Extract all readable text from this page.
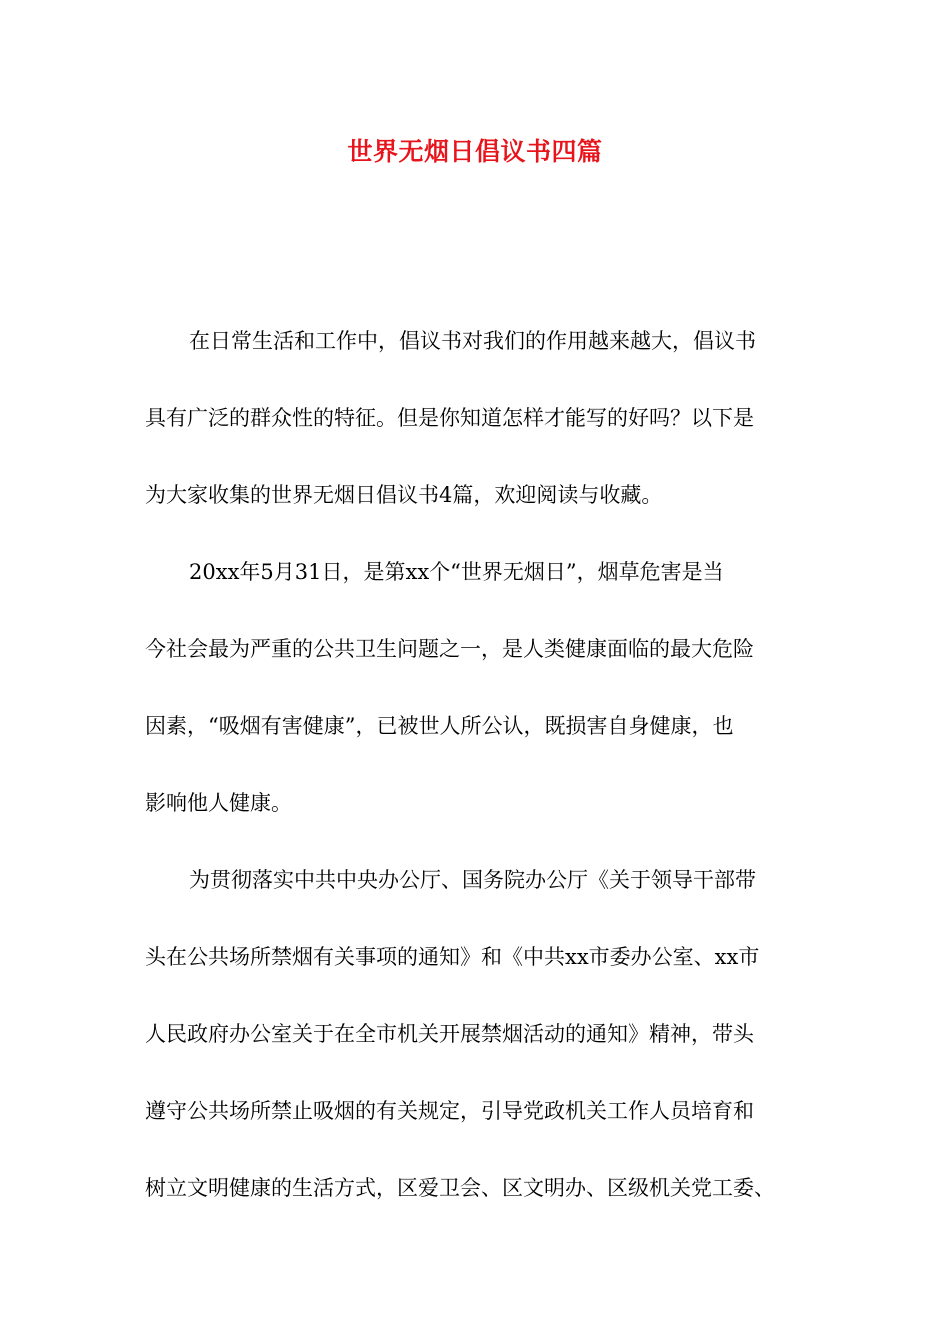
世界无烟日倡议书四篇
在日常生活和工作中，倡议书对我们的作用越来越大，倡议书
具有广泛的群众性的特征。但是你知道怎样才能写的好吗？以下是
为大家收集的世界无烟日倡议书4篇，欢迎阅读与收藏。
20xx年5月31日，是第xx个“世界无烟日”，烟草危害是当
今社会最为严重的公共卫生问题之一，是人类健康面临的最大危险
因素，“吸烟有害健康”，已被世人所公认，既损害自身健康，也
影响他人健康。
为贯彻落实中共中央办公厅、国务院办公厅《关于领导干部带
头在公共场所禁烟有关事项的通知》和《中共xx市委办公室、xx市
人民政府办公室关于在全市机关开展禁烟活动的通知》精神，带头
遵守公共场所禁止吸烟的有关规定，引导党政机关工作人员培育和
树立文明健康的生活方式，区爱卫会、区文明办、区级机关党工委、
